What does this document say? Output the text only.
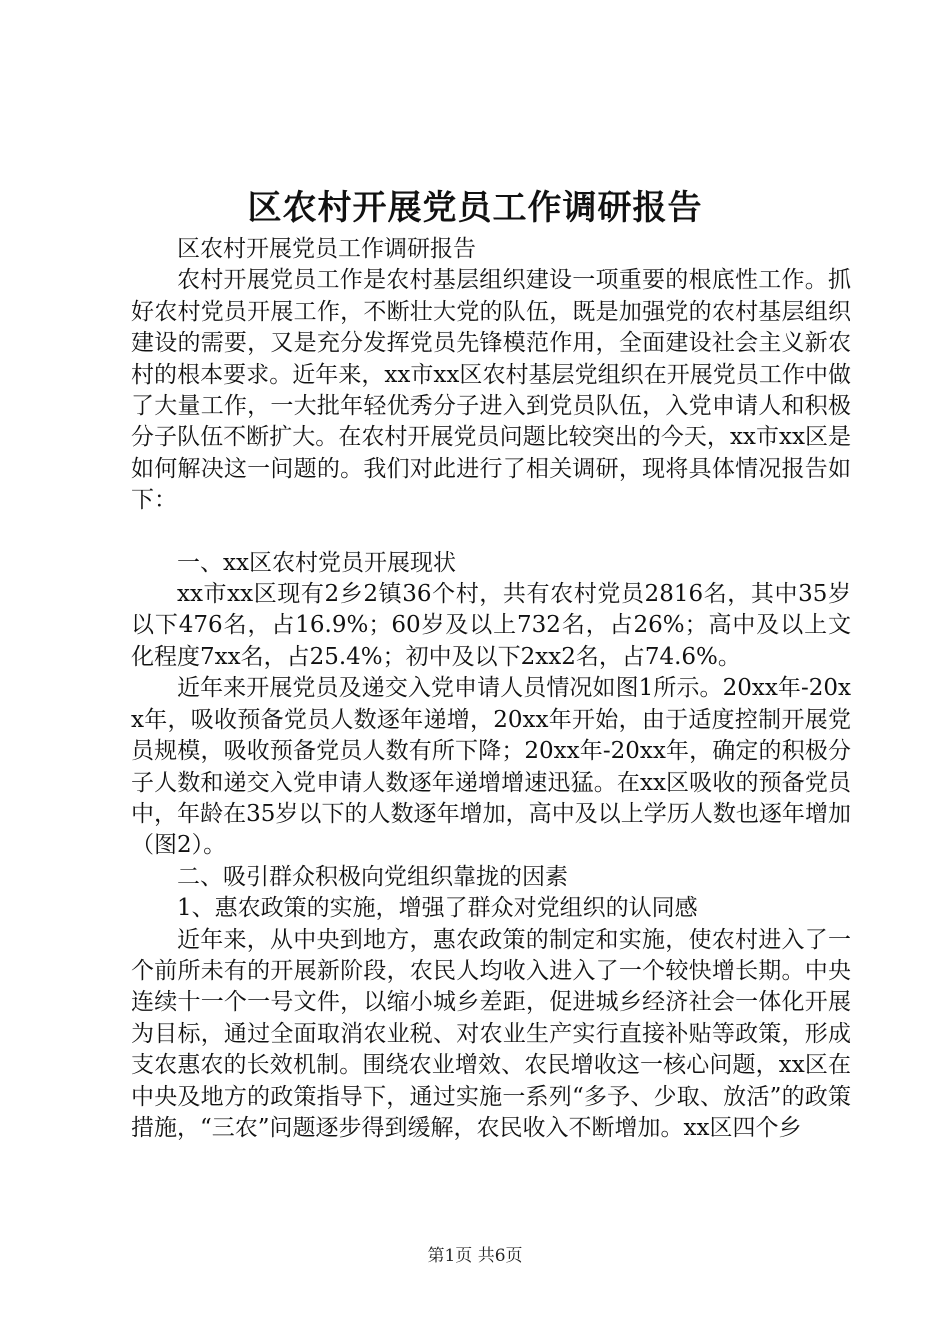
区农村开展党员工作调研报告

区农村开展党员工作调研报告

农村开展党员工作是农村基层组织建设一项重要的根底性工作。抓好农村党员开展工作，不断壮大党的队伍，既是加强党的农村基层组织建设的需要，又是充分发挥党员先锋模范作用，全面建设社会主义新农村的根本要求。近年来，xx市xx区农村基层党组织在开展党员工作中做了大量工作，一大批年轻优秀分子进入到党员队伍，入党申请人和积极分子队伍不断扩大。在农村开展党员问题比较突出的今天，xx市xx区是如何解决这一问题的。我们对此进行了相关调研，现将具体情况报告如下：

一、xx区农村党员开展现状

xx市xx区现有2乡2镇36个村，共有农村党员2816名，其中35岁以下476名，占16.9%；60岁及以上732名，占26%；高中及以上文化程度7xx名，占25.4%；初中及以下2xx2名，占74.6%。

近年来开展党员及递交入党申请人员情况如图1所示。20xx年-20xx年，吸收预备党员人数逐年递增，20xx年开始，由于适度控制开展党员规模，吸收预备党员人数有所下降；20xx年-20xx年，确定的积极分子人数和递交入党申请人数逐年递增增速迅猛。在xx区吸收的预备党员中，年龄在35岁以下的人数逐年增加，高中及以上学历人数也逐年增加（图2）。

二、吸引群众积极向党组织靠拢的因素

1、惠农政策的实施，增强了群众对党组织的认同感

近年来，从中央到地方，惠农政策的制定和实施，使农村进入了一个前所未有的开展新阶段，农民人均收入进入了一个较快增长期。中央连续十一个一号文件，以缩小城乡差距，促进城乡经济社会一体化开展为目标，通过全面取消农业税、对农业生产实行直接补贴等政策，形成支农惠农的长效机制。围绕农业增效、农民增收这一核心问题，xx区在中央及地方的政策指导下，通过实施一系列“多予、少取、放活”的政策措施，“三农”问题逐步得到缓解，农民收入不断增加。xx区四个乡

第1页 共6页
